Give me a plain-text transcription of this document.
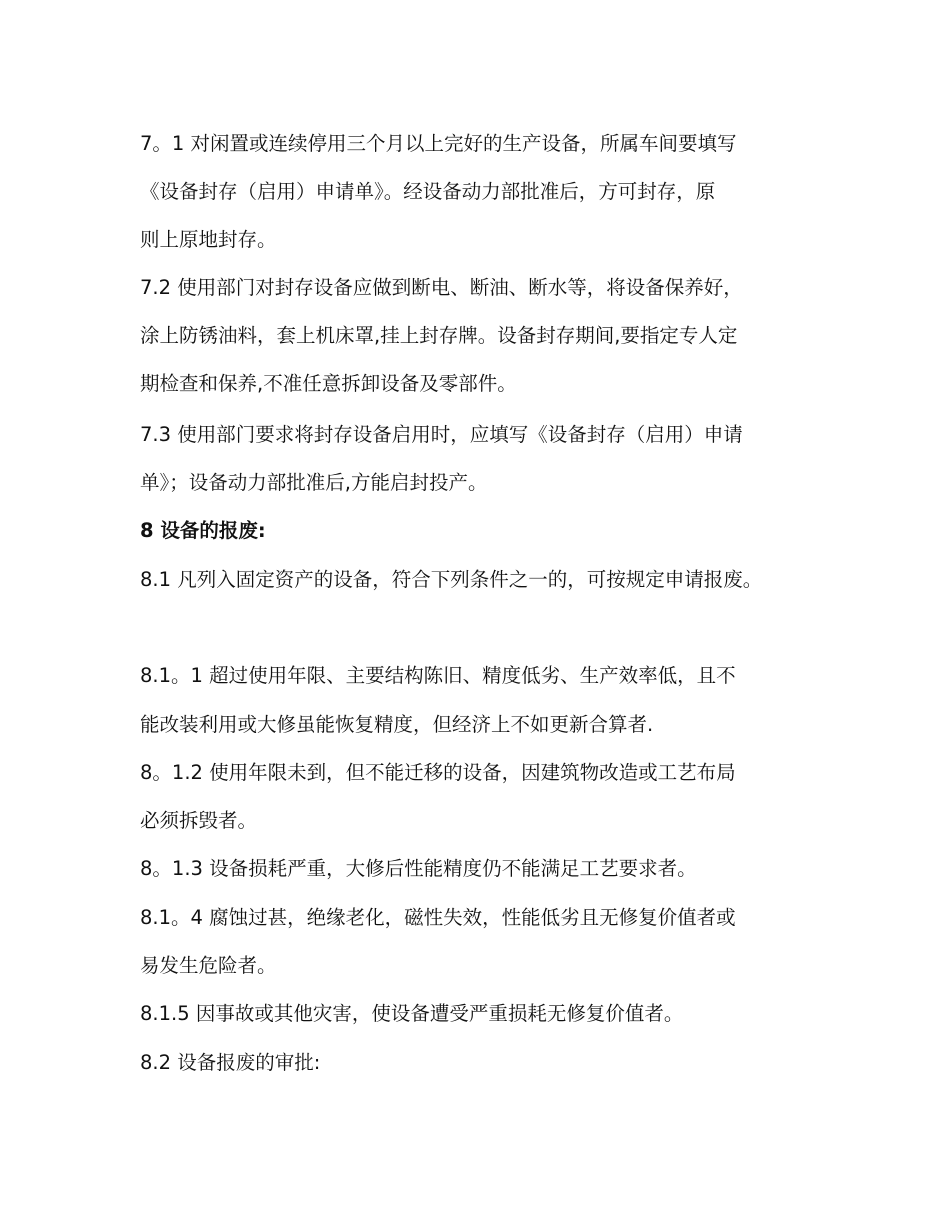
7。1 对闲置或连续停用三个月以上完好的生产设备，所属车间要填写
《设备封存（启用）申请单》。经设备动力部批准后，方可封存，原
则上原地封存。
7.2 使用部门对封存设备应做到断电、断油、断水等，将设备保养好，
涂上防锈油料，套上机床罩,挂上封存牌。设备封存期间,要指定专人定
期检查和保养,不准任意拆卸设备及零部件。
7.3 使用部门要求将封存设备启用时，应填写《设备封存（启用）申请
单》；设备动力部批准后,方能启封投产。
8 设备的报废:
8.1 凡列入固定资产的设备，符合下列条件之一的，可按规定申请报废。
8.1。1 超过使用年限、主要结构陈旧、精度低劣、生产效率低，且不
能改装利用或大修虽能恢复精度，但经济上不如更新合算者.
8。1.2 使用年限未到，但不能迁移的设备，因建筑物改造或工艺布局
必须拆毁者。
8。1.3 设备损耗严重，大修后性能精度仍不能满足工艺要求者。
8.1。4 腐蚀过甚，绝缘老化，磁性失效，性能低劣且无修复价值者或
易发生危险者。
8.1.5 因事故或其他灾害，使设备遭受严重损耗无修复价值者。
8.2 设备报废的审批:
